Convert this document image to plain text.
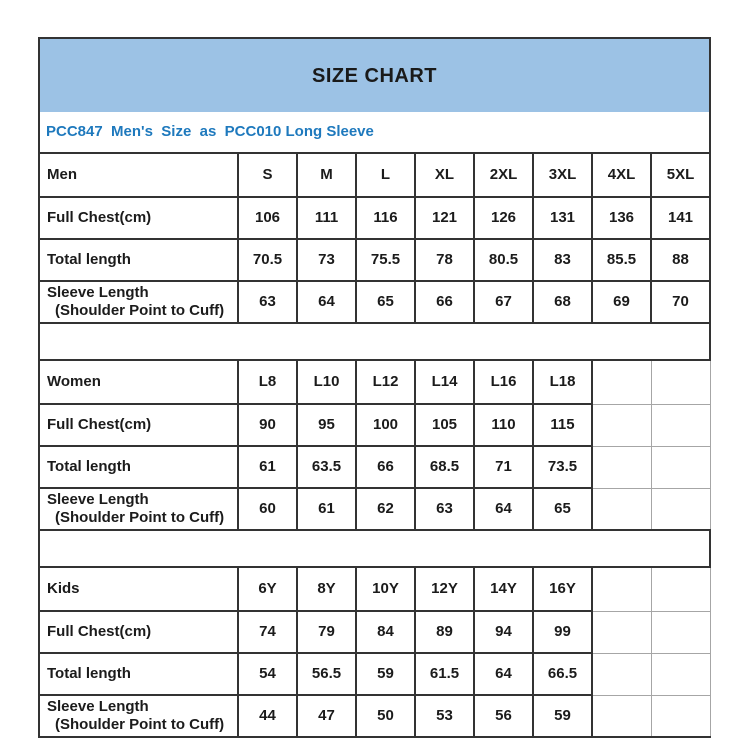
SIZE CHART								
PCC847  Men's  Size  as  PCC010 Long Sleeve								
Men	S	M	L	XL	2XL	3XL	4XL	5XL

Full Chest(cm)	106	111	116	121	126	131	136	141

Total length	70.5	73	75.5	78	80.5	83	85.5	88

Sleeve Length
(Shoulder Point to Cuff)	63	64	65	66	67	68	69	70

Women	L8	L10	L12	L14	L16	L18		

Full Chest(cm)	90	95	100	105	110	115		

Total length	61	63.5	66	68.5	71	73.5		

Sleeve Length
(Shoulder Point to Cuff)	60	61	62	63	64	65		

Kids	6Y	8Y	10Y	12Y	14Y	16Y		

Full Chest(cm)	74	79	84	89	94	99		

Total length	54	56.5	59	61.5	64	66.5		

Sleeve Length
(Shoulder Point to Cuff)	44	47	50	53	56	59		
